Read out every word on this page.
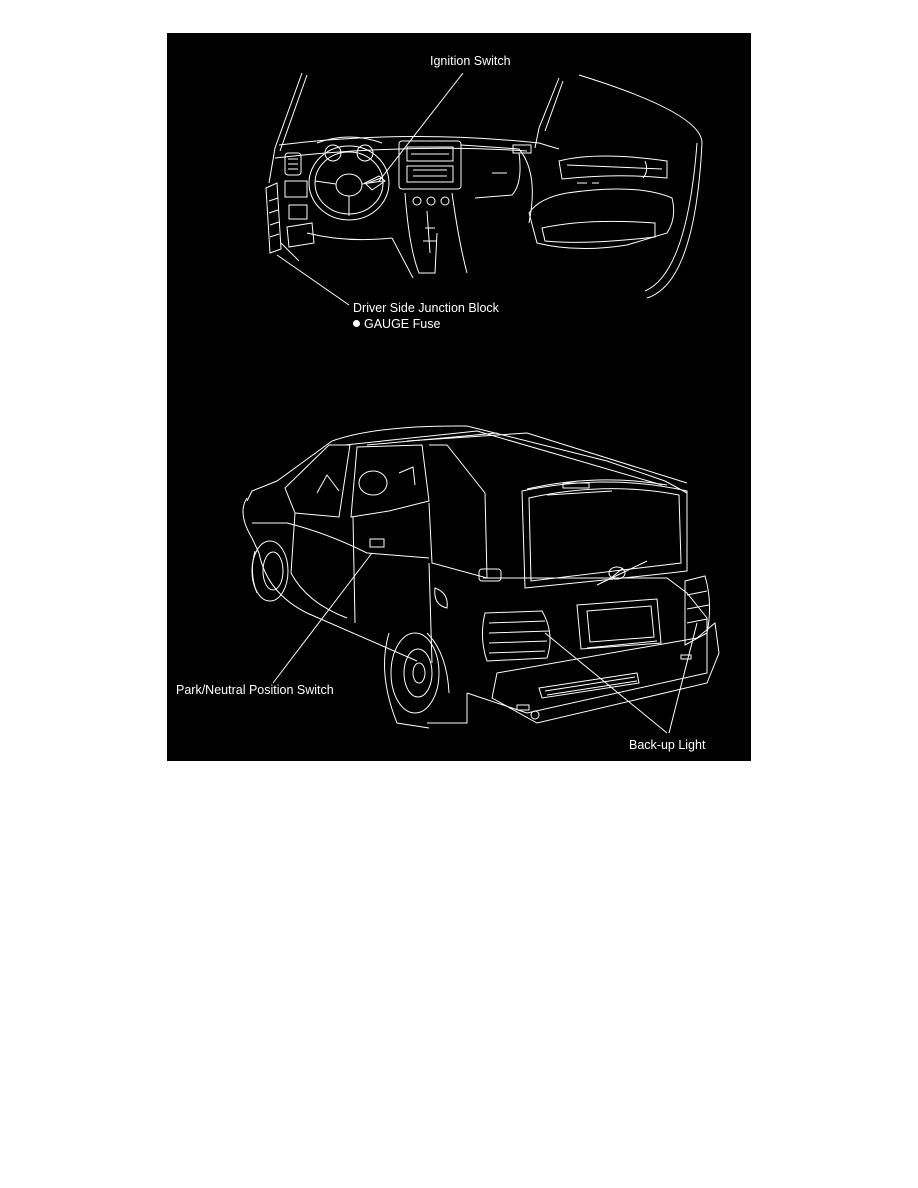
Ignition Switch
Driver Side Junction Block
GAUGE Fuse
Park/Neutral Position Switch
Back-up Light
